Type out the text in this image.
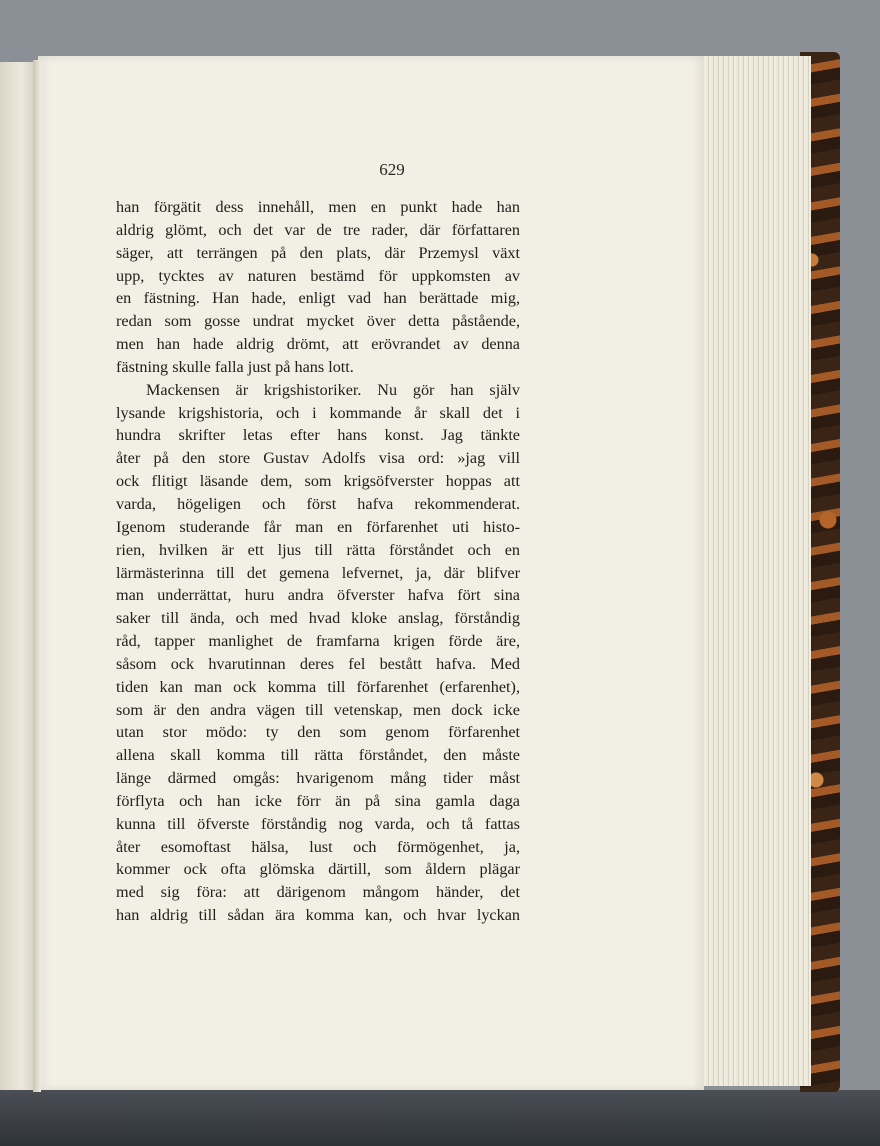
629
han förgätit dess innehåll, men en punkt hade han
aldrig glömt, och det var de tre rader, där författaren
säger, att terrängen på den plats, där Przemysl växt
upp, tycktes av naturen bestämd för uppkomsten av
en fästning. Han hade, enligt vad han berättade mig,
redan som gosse undrat mycket över detta påstående,
men han hade aldrig drömt, att erövrandet av denna
fästning skulle falla just på hans lott.
Mackensen är krigshistoriker. Nu gör han själv
lysande krigshistoria, och i kommande år skall det i
hundra skrifter letas efter hans konst. Jag tänkte
åter på den store Gustav Adolfs visa ord: »jag vill
ock flitigt läsande dem, som krigsöfverster hoppas att
varda, högeligen och först hafva rekommenderat.
Igenom studerande får man en förfarenhet uti histo-
rien, hvilken är ett ljus till rätta förståndet och en
lärmästerinna till det gemena lefvernet, ja, där blifver
man underrättat, huru andra öfverster hafva fört sina
saker till ända, och med hvad kloke anslag, förståndig
råd, tapper manlighet de framfarna krigen förde äre,
såsom ock hvarutinnan deres fel bestått hafva. Med
tiden kan man ock komma till förfarenhet (erfarenhet),
som är den andra vägen till vetenskap, men dock icke
utan stor mödo: ty den som genom förfarenhet
allena skall komma till rätta förståndet, den måste
länge därmed omgås: hvarigenom mång tider måst
förflyta och han icke förr än på sina gamla daga
kunna till öfverste förståndig nog varda, och tå fattas
åter esomoftast hälsa, lust och förmögenhet, ja,
kommer ock ofta glömska därtill, som åldern plägar
med sig föra: att därigenom mångom händer, det
han aldrig till sådan ära komma kan, och hvar lyckan
